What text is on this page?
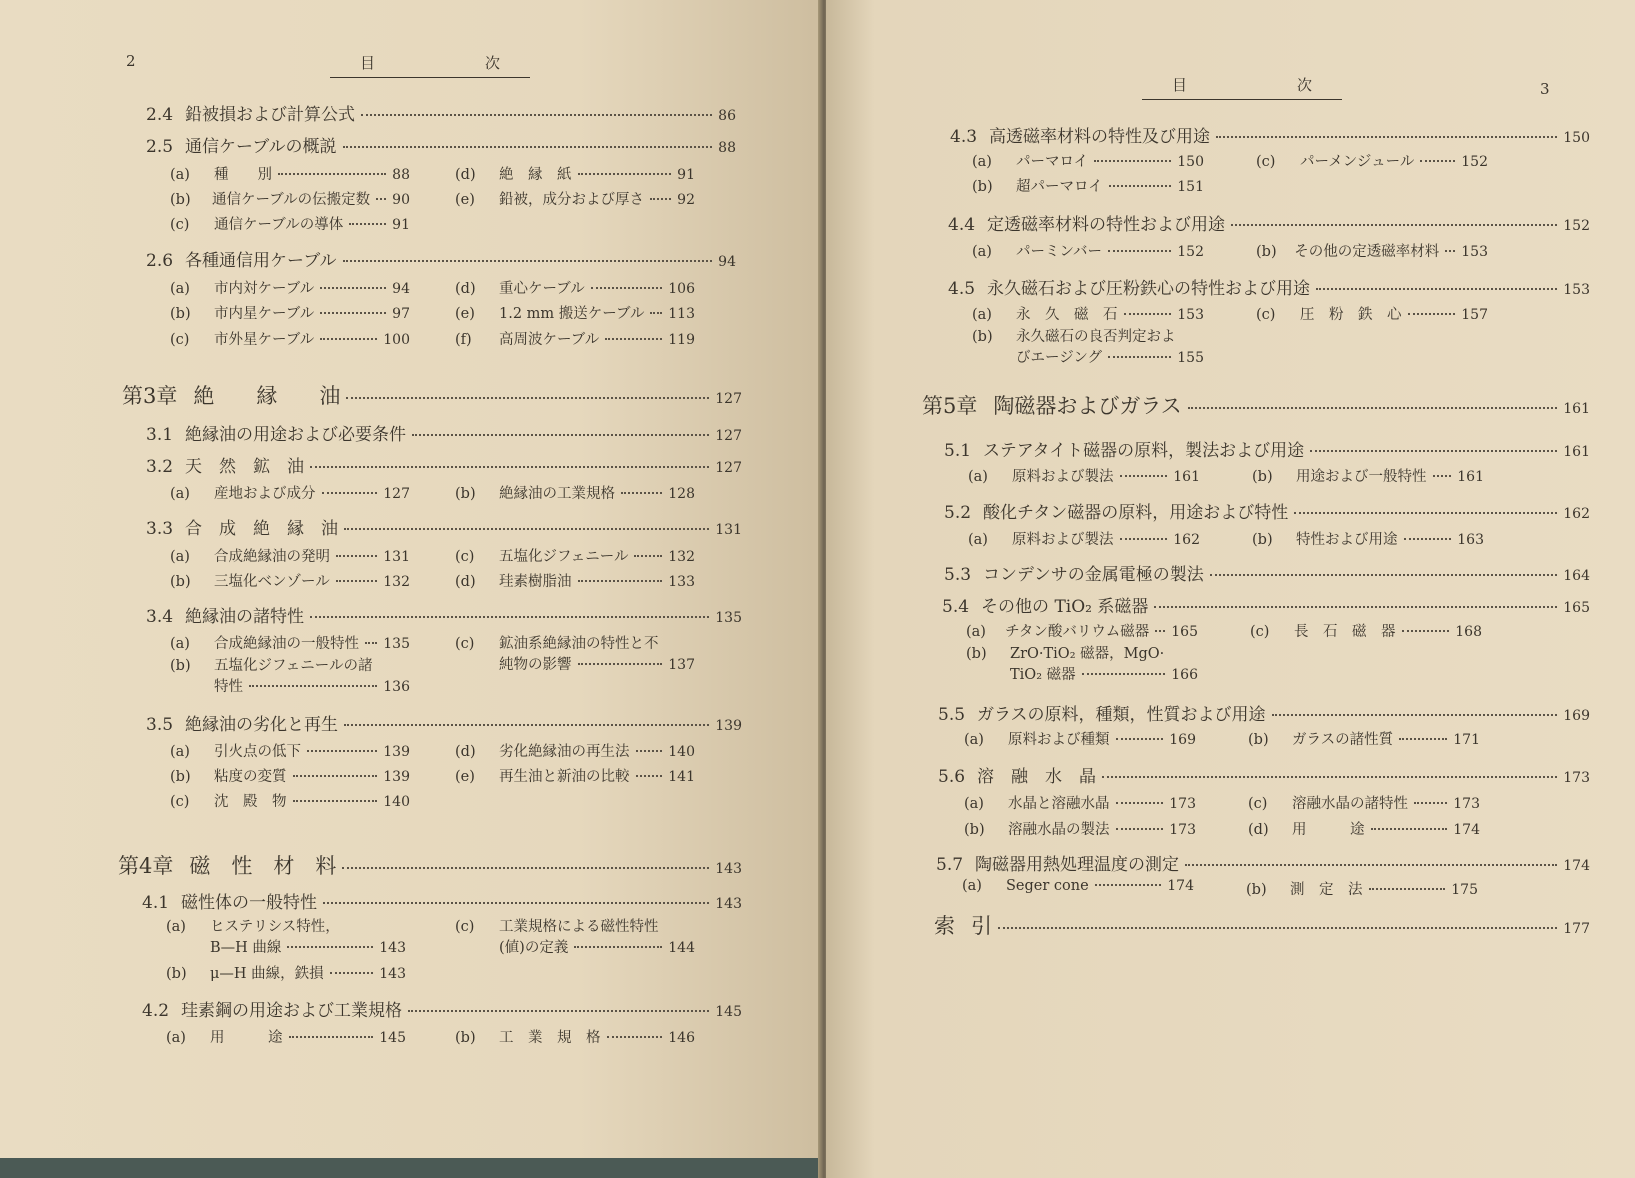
2	目	次
2.4 鉛被損および計算公式	86
2.5 通信ケーブルの概説	88
(a)	種　　別	88	(d)	絶　縁　紙	91
(b)	通信ケーブルの伝搬定数 90	(e)	鉛被，成分および厚さ 92
(c)	通信ケーブルの導体	91
2.6 各種通信用ケーブル	94
(a)	市内対ケーブル	94	(d)	重心ケーブル	106
(b)	市内星ケーブル	97	(e)	1.2 mm 搬送ケーブル 113
(c)	市外星ケーブル	100	(f)	高周波ケーブル	119
第3章 絶　　縁　　油	127
3.1 絶縁油の用途および必要条件	127
3.2 天　然　鉱　油	127
(a)	産地および成分	127	(b)	絶縁油の工業規格	128
3.3 合　成　絶　縁　油	131
(a)	合成絶縁油の発明	131	(c)	五塩化ジフェニール	132
(b)	三塩化ベンゾール	132	(d)	珪素樹脂油	133
3.4 絶縁油の諸特性	135
(a)	合成絶縁油の一般特性 135	(c)	鉱油系絶縁油の特性と不
純物の影響	137
(b)	五塩化ジフェニールの諸
特性	136
3.5 絶縁油の劣化と再生	139
(a)	引火点の低下	139	(d)	劣化絶縁油の再生法	140
(b)	粘度の変質	139	(e)	再生油と新油の比較	141
(c)	沈　殿　物	140
第4章 磁　性　材　料	143
4.1 磁性体の一般特性	143
(a)	ヒステリシス特性，
B—H 曲線	143
(c)	工業規格による磁性特性
(値)の定義	144
(b)	μ—H 曲線，鉄損	143
4.2 珪素鋼の用途および工業規格	145
(a)	用　　　途	145	(b)	工　業　規　格	146
目	次	3
4.3 高透磁率材料の特性及び用途	150
(a)	パーマロイ	150	(c)	パーメンジュール	152
(b)	超パーマロイ	151
4.4 定透磁率材料の特性および用途	152
(a)	パーミンバー	152	(b)	その他の定透磁率材料 153
4.5 永久磁石および圧粉鉄心の特性および用途	153
(a)	永　久　磁　石	153	(c)	圧　粉　鉄　心	157
(b)	永久磁石の良否判定およ
びエージング	155
第5章 陶磁器およびガラス	161
5.1 ステアタイト磁器の原料，製法および用途	161
(a)	原料および製法	161	(b)	用途および一般特性 161
5.2 酸化チタン磁器の原料，用途および特性	162
(a)	原料および製法	162	(b)	特性および用途	163
5.3 コンデンサの金属電極の製法	164
5.4 その他の TiO₂ 系磁器	165
(a)	チタン酸バリウム磁器 165	(c)	長　石　磁　器	168
(b)	ZrO·TiO₂ 磁器，MgO·
TiO₂ 磁器	166
5.5 ガラスの原料，種類，性質および用途	169
(a)	原料および種類	169	(b)	ガラスの諸性質	171
5.6 溶　融　水　晶	173
(a)	水晶と溶融水晶	173	(c)	溶融水晶の諸特性	173
(b)	溶融水晶の製法	173	(d)	用　　　途	174
5.7 陶磁器用熱処理温度の測定	174
(a)	Seger cone	174	(b)	測　定　法	175
索 引	177
